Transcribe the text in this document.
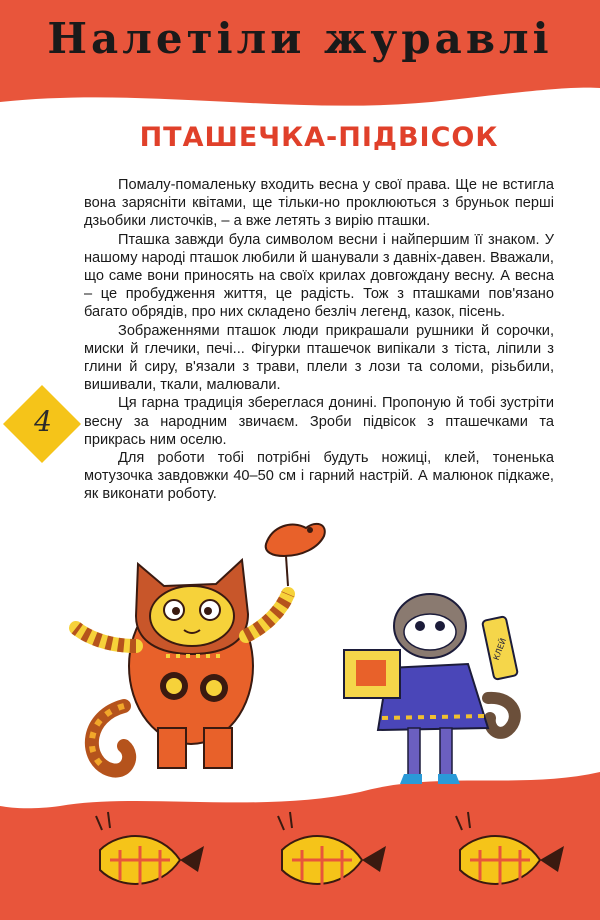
Налетіли журавлі
ПТАШЕЧКА-ПІДВІСОК

Помалу-помаленьку входить весна у свої права. Ще не встигла вона зарясніти квітами, ще тільки-но проклюються з бруньок перші дзьобики листочків, – а вже летять з вирію пташки.

Пташка завжди була символом весни і найпершим її знаком. У нашому народі пташок любили й шанували з давніх-давен. Вважали, що саме вони приносять на своїх крилах довгождану весну. А весна – це пробудження життя, це радість. Тож з пташками пов'язано багато обрядів, про них складено безліч легенд, казок, пісень.

Зображеннями пташок люди прикрашали рушники й сорочки, миски й глечики, печі... Фігурки пташечок випікали з тіста, ліпили з глини й сиру, в'язали з трави, плели з лози та соломи, різьбили, вишивали, ткали, малювали.

Ця гарна традиція збереглася донині. Пропоную й тобі зустріти весну за народним звичаєм. Зроби підвісок з пташечками та прикрась ним оселю.

Для роботи тобі потрібні будуть ножиці, клей, тоненька мотузочка завдовжки 40–50 см і гарний настрій. А малюнок підкаже, як виконати роботу.

4
КЛЕЙ
